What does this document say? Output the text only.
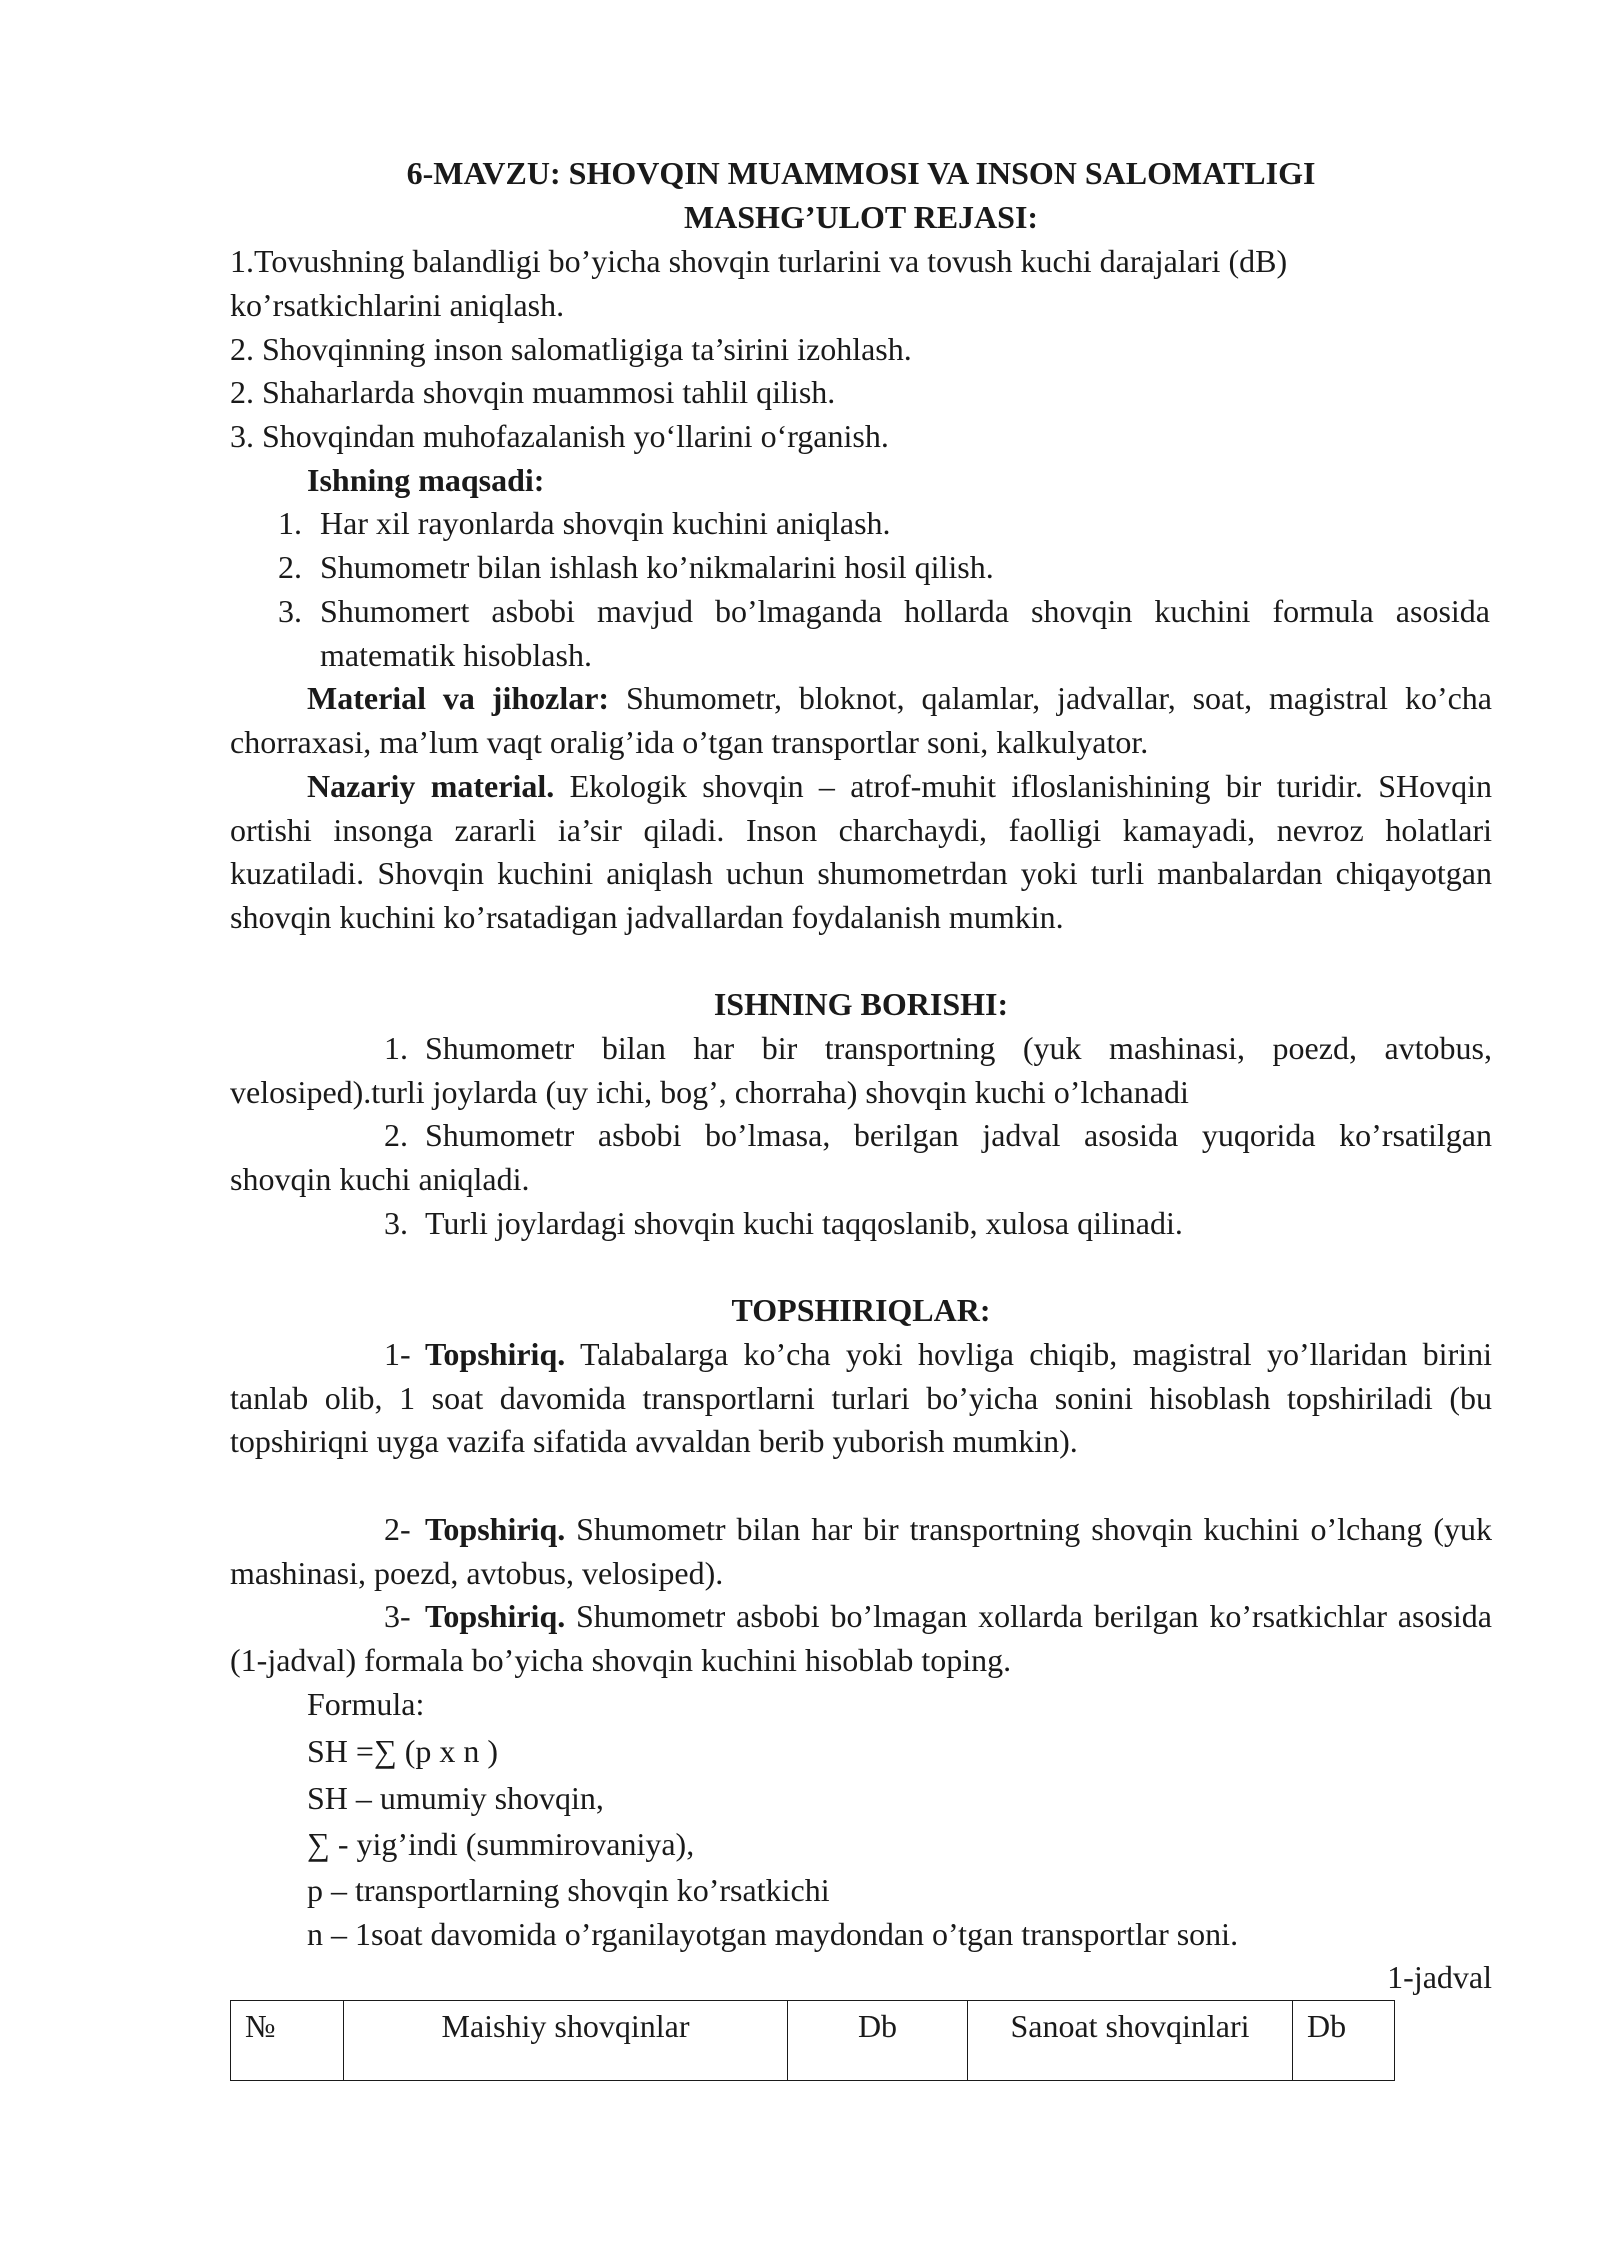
6-MAVZU: SHOVQIN MUAMMOSI VA INSON SALOMATLIGI
MASHG’ULOT REJASI:
1.Tovushning balandligi bo’yicha shovqin turlarini va tovush kuchi darajalari (dB)
ko’rsatkichlarini aniqlash.
2. Shovqinning inson salomatligiga ta’sirini izohlash.
2. Shaharlarda shovqin muammosi tahlil qilish.
3. Shovqindan muhofazalanish yo‘llarini o‘rganish.
Ishning maqsadi:
1. Har xil rayonlarda shovqin kuchini aniqlash.
2. Shumometr bilan ishlash ko’nikmalarini hosil qilish.
3. Shumomert asbobi mavjud bo’lmaganda hollarda shovqin kuchini formula asosida matematik hisoblash.

Material va jihozlar: Shumometr, bloknot, qalamlar, jadvallar, soat, magistral ko’cha chorraxasi, ma’lum vaqt oralig’ida o’tgan transportlar soni, kalkulyator.

Nazariy material. Ekologik shovqin – atrof-muhit ifloslanishining bir turidir. SHovqin ortishi insonga zararli ia’sir qiladi. Inson charchaydi, faolligi kamayadi, nevroz holatlari kuzatiladi. Shovqin kuchini aniqlash uchun shumometrdan yoki turli manbalardan chiqayotgan shovqin kuchini ko’rsatadigan jadvallardan foydalanish mumkin.

ISHNING BORISHI:

1. Shumometr bilan har bir transportning (yuk mashinasi, poezd, avtobus, velosiped).turli joylarda (uy ichi, bog’, chorraha) shovqin kuchi o’lchanadi

2. Shumometr asbobi bo’lmasa, berilgan jadval asosida yuqorida ko’rsatilgan shovqin kuchi aniqladi.

3. Turli joylardagi shovqin kuchi taqqoslanib, xulosa qilinadi.

TOPSHIRIQLAR:

1- Topshiriq. Talabalarga ko’cha yoki hovliga chiqib, magistral yo’llaridan birini tanlab olib, 1 soat davomida transportlarni turlari bo’yicha sonini hisoblash topshiriladi (bu topshiriqni uyga vazifa sifatida avvaldan berib yuborish mumkin).

2- Topshiriq. Shumometr bilan har bir transportning shovqin kuchini o’lchang (yuk mashinasi, poezd, avtobus, velosiped).

3- Topshiriq. Shumometr asbobi bo’lmagan xollarda berilgan ko’rsatkichlar asosida (1-jadval) formala bo’yicha shovqin kuchini hisoblab toping.

Formula:
SH =∑ (p x n )
SH – umumiy shovqin,
∑ - yig’indi (summirovaniya),
p – transportlarning shovqin ko’rsatkichi
n – 1soat davomida o’rganilayotgan maydondan o’tgan transportlar soni.
1-jadval
№	Maishiy shovqinlar	Db	Sanoat shovqinlari	Db
